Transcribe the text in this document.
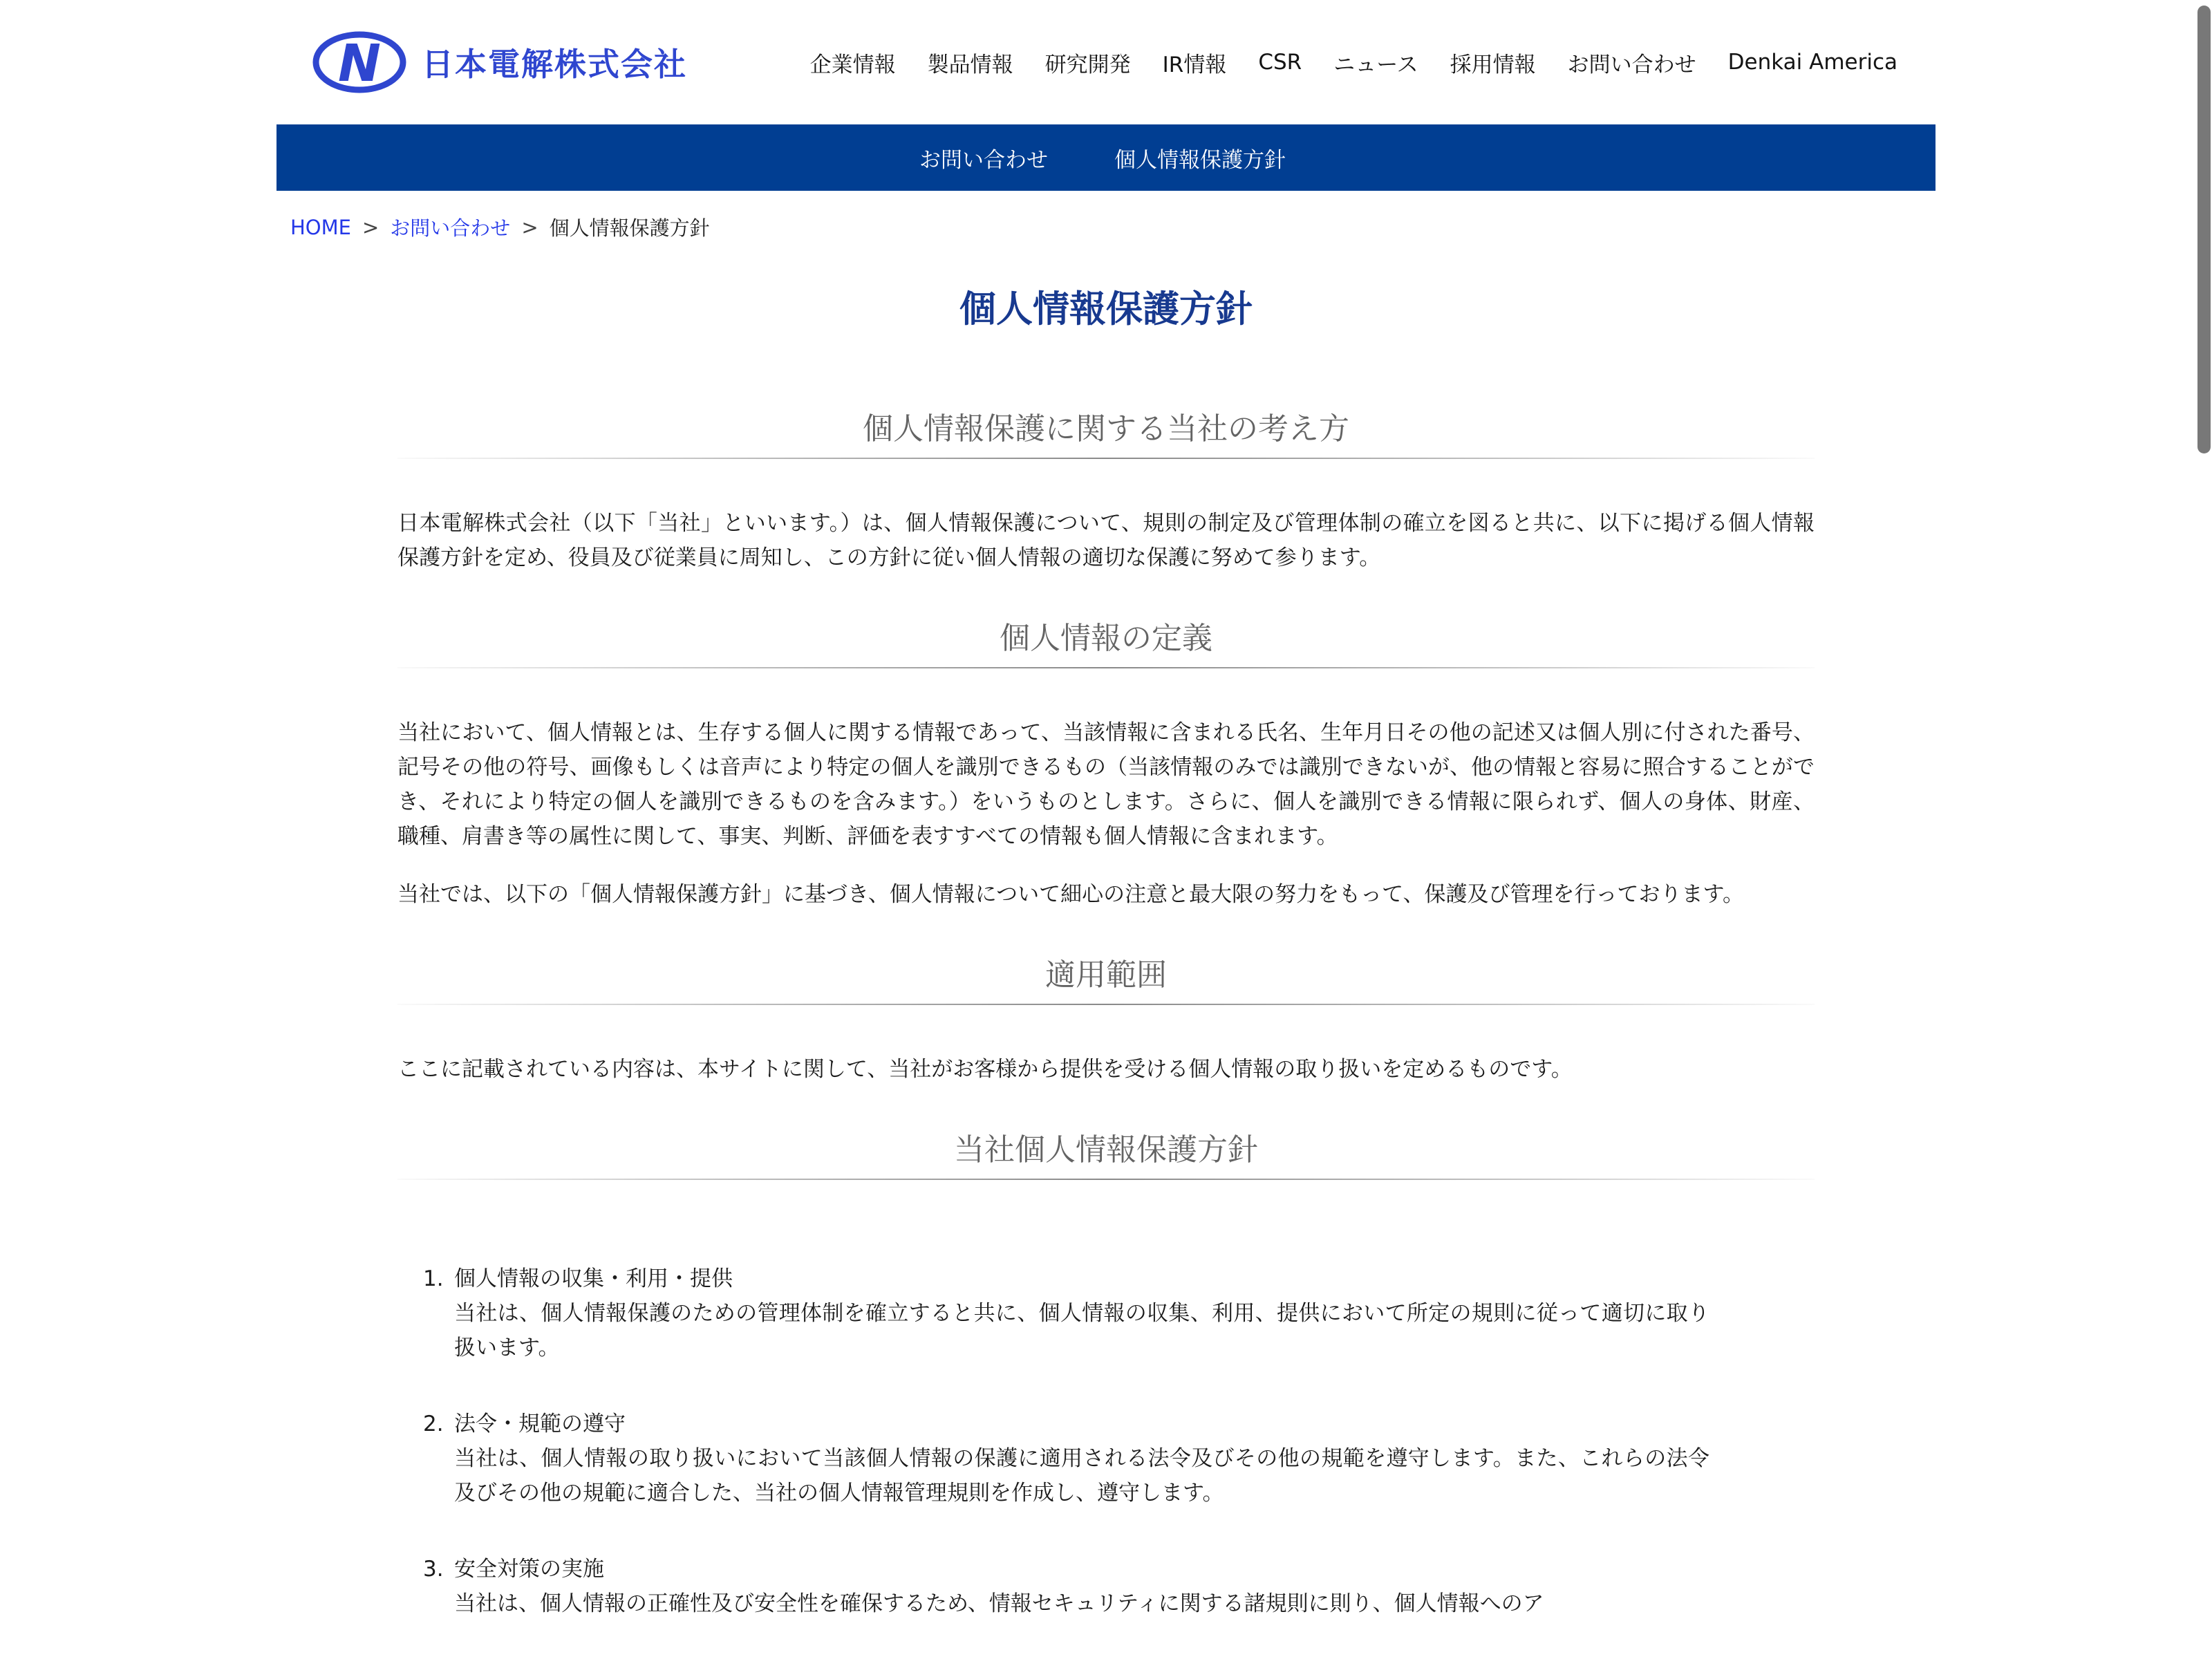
N 日本電解株式会社	企業情報 製品情報 研究開発 IR情報 CSR ニュース 採用情報 お問い合わせ Denkai America
お問い合わせ	個人情報保護方針
HOME > お問い合わせ > 個人情報保護方針
個人情報保護方針
個人情報保護に関する当社の考え方

日本電解株式会社（以下「当社」といいます。）は、個人情報保護について、規則の制定及び管理体制の確立を図ると共に、以下に掲げる個人情報保護方針を定め、役員及び従業員に周知し、この方針に従い個人情報の適切な保護に努めて参ります。

個人情報の定義

当社において、個人情報とは、生存する個人に関する情報であって、当該情報に含まれる氏名、生年月日その他の記述又は個人別に付された番号、記号その他の符号、画像もしくは音声により特定の個人を識別できるもの（当該情報のみでは識別できないが、他の情報と容易に照合することができ、それにより特定の個人を識別できるものを含みます。）をいうものとします。さらに、個人を識別できる情報に限られず、個人の身体、財産、職種、肩書き等の属性に関して、事実、判断、評価を表すすべての情報も個人情報に含まれます。

当社では、以下の「個人情報保護方針」に基づき、個人情報について細心の注意と最大限の努力をもって、保護及び管理を行っております。

適用範囲

ここに記載されている内容は、本サイトに関して、当社がお客様から提供を受ける個人情報の取り扱いを定めるものです。

当社個人情報保護方針
1. 個人情報の収集・利用・提供
当社は、個人情報保護のための管理体制を確立すると共に、個人情報の収集、利用、提供において所定の規則に従って適切に取り扱います。
2. 法令・規範の遵守
当社は、個人情報の取り扱いにおいて当該個人情報の保護に適用される法令及びその他の規範を遵守します。また、これらの法令及びその他の規範に適合した、当社の個人情報管理規則を作成し、遵守します。
3. 安全対策の実施
当社は、個人情報の正確性及び安全性を確保するため、情報セキュリティに関する諸規則に則り、個人情報へのア
